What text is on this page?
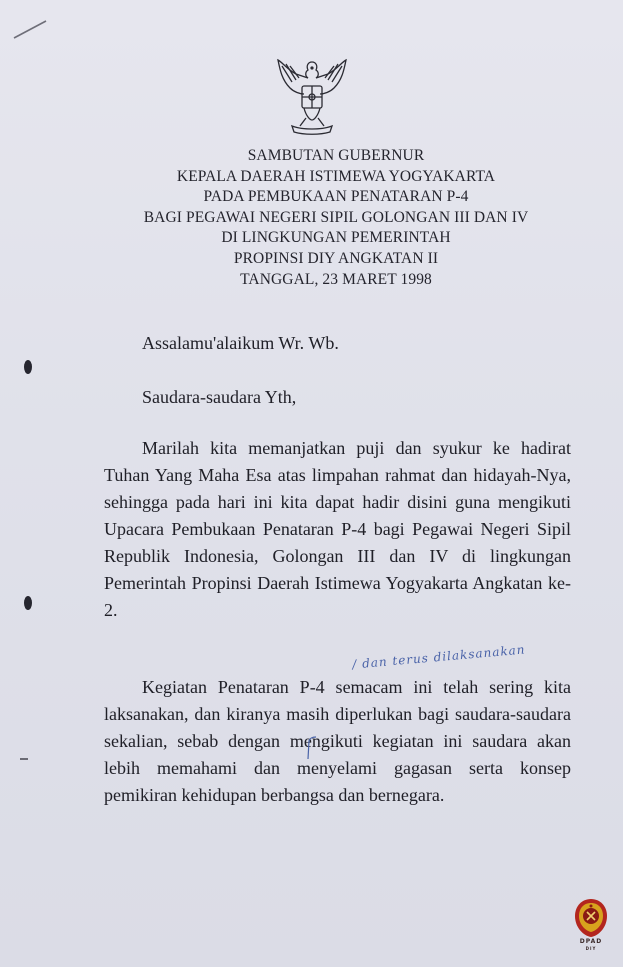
SAMBUTAN GUBERNUR
KEPALA DAERAH ISTIMEWA YOGYAKARTA
PADA PEMBUKAAN PENATARAN P-4
BAGI PEGAWAI NEGERI SIPIL GOLONGAN III DAN IV
DI LINGKUNGAN PEMERINTAH
PROPINSI DIY ANGKATAN II
TANGGAL, 23 MARET 1998
Assalamu'alaikum Wr. Wb.
Saudara-saudara Yth,

Marilah kita memanjatkan puji dan syukur ke hadirat Tuhan Yang Maha Esa atas limpahan rahmat dan hidayah-Nya, sehingga pada hari ini kita dapat hadir disini guna mengikuti Upacara Pembukaan Penataran P-4 bagi Pegawai Negeri Sipil Republik Indonesia, Golongan III dan IV di lingkungan Pemerintah Propinsi Daerah Istimewa Yogyakarta Angkatan ke-2.

/ dan terus dilaksanakan

Kegiatan Penataran P-4 semacam ini telah sering kita laksanakan, dan kiranya masih diperlukan bagi saudara-saudara sekalian, sebab dengan mengikuti kegiatan ini saudara akan lebih memahami dan menyelami gagasan serta konsep pemikiran kehidupan berbangsa dan bernegara.

DPAD
DIY
